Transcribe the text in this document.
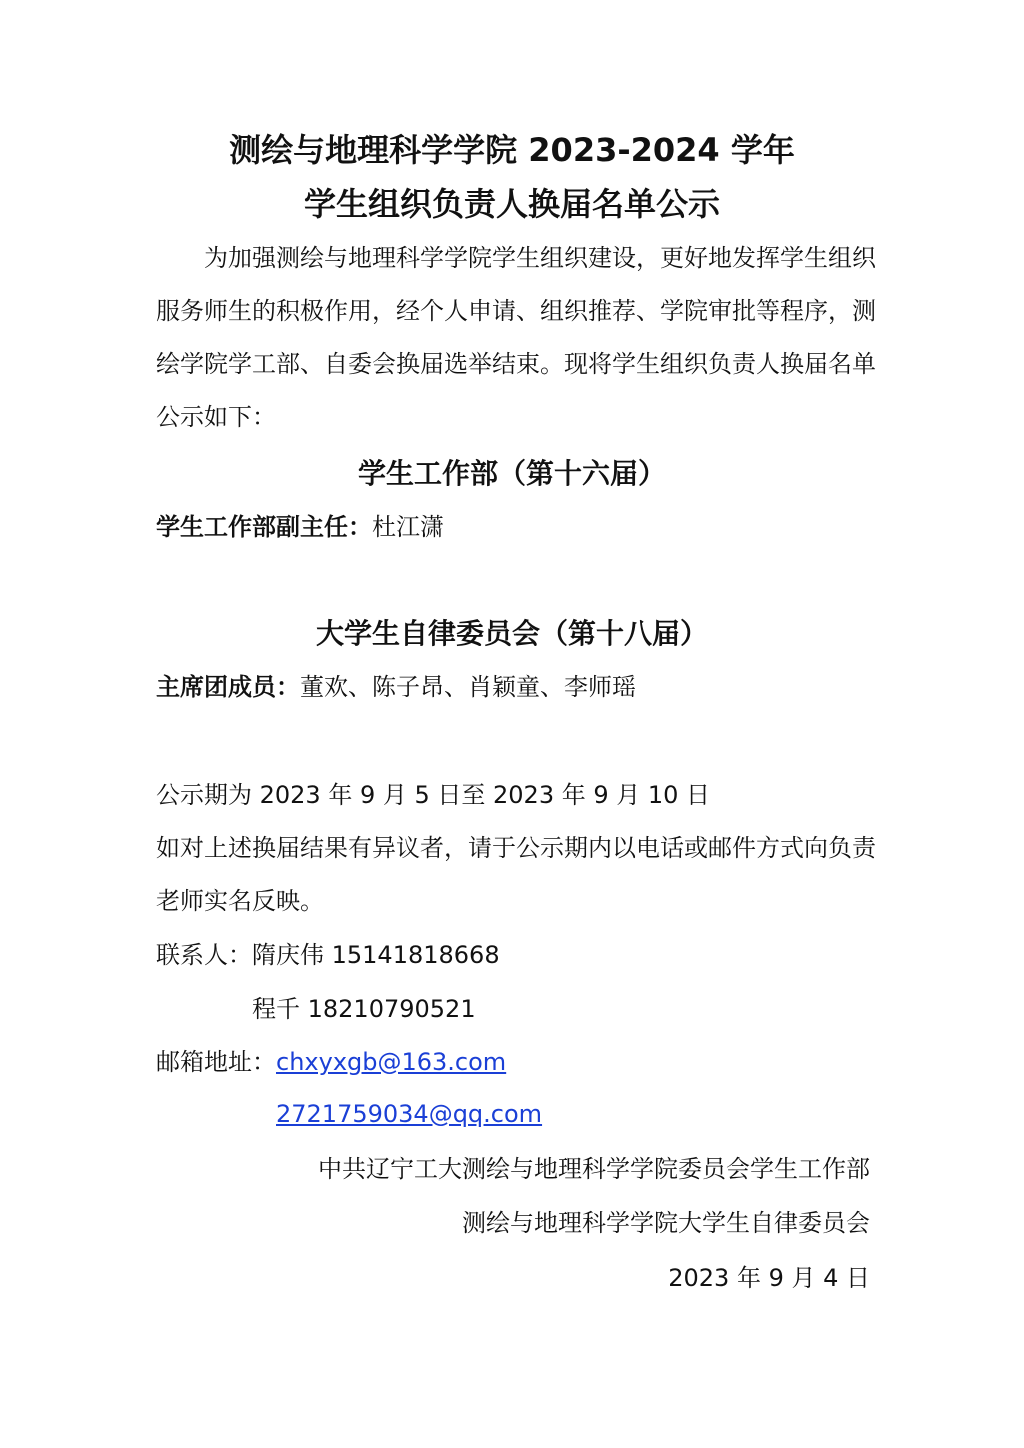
测绘与地理科学学院 2023-2024 学年
学生组织负责人换届名单公示
为加强测绘与地理科学学院学生组织建设，更好地发挥学生组织
服务师生的积极作用，经个人申请、组织推荐、学院审批等程序，测
绘学院学工部、自委会换届选举结束。现将学生组织负责人换届名单
公示如下：
学生工作部（第十六届）
学生工作部副主任：杜江潇
大学生自律委员会（第十八届）
主席团成员：董欢、陈子昂、肖颖童、李师瑶
公示期为 2023 年 9 月 5 日至 2023 年 9 月 10 日
如对上述换届结果有异议者，请于公示期内以电话或邮件方式向负责
老师实名反映。
联系人： 隋庆伟 15141818668
程千 18210790521
邮箱地址： chxyxgb@163.com
2721759034@qq.com
中共辽宁工大测绘与地理科学学院委员会学生工作部
测绘与地理科学学院大学生自律委员会
2023 年 9 月 4 日
